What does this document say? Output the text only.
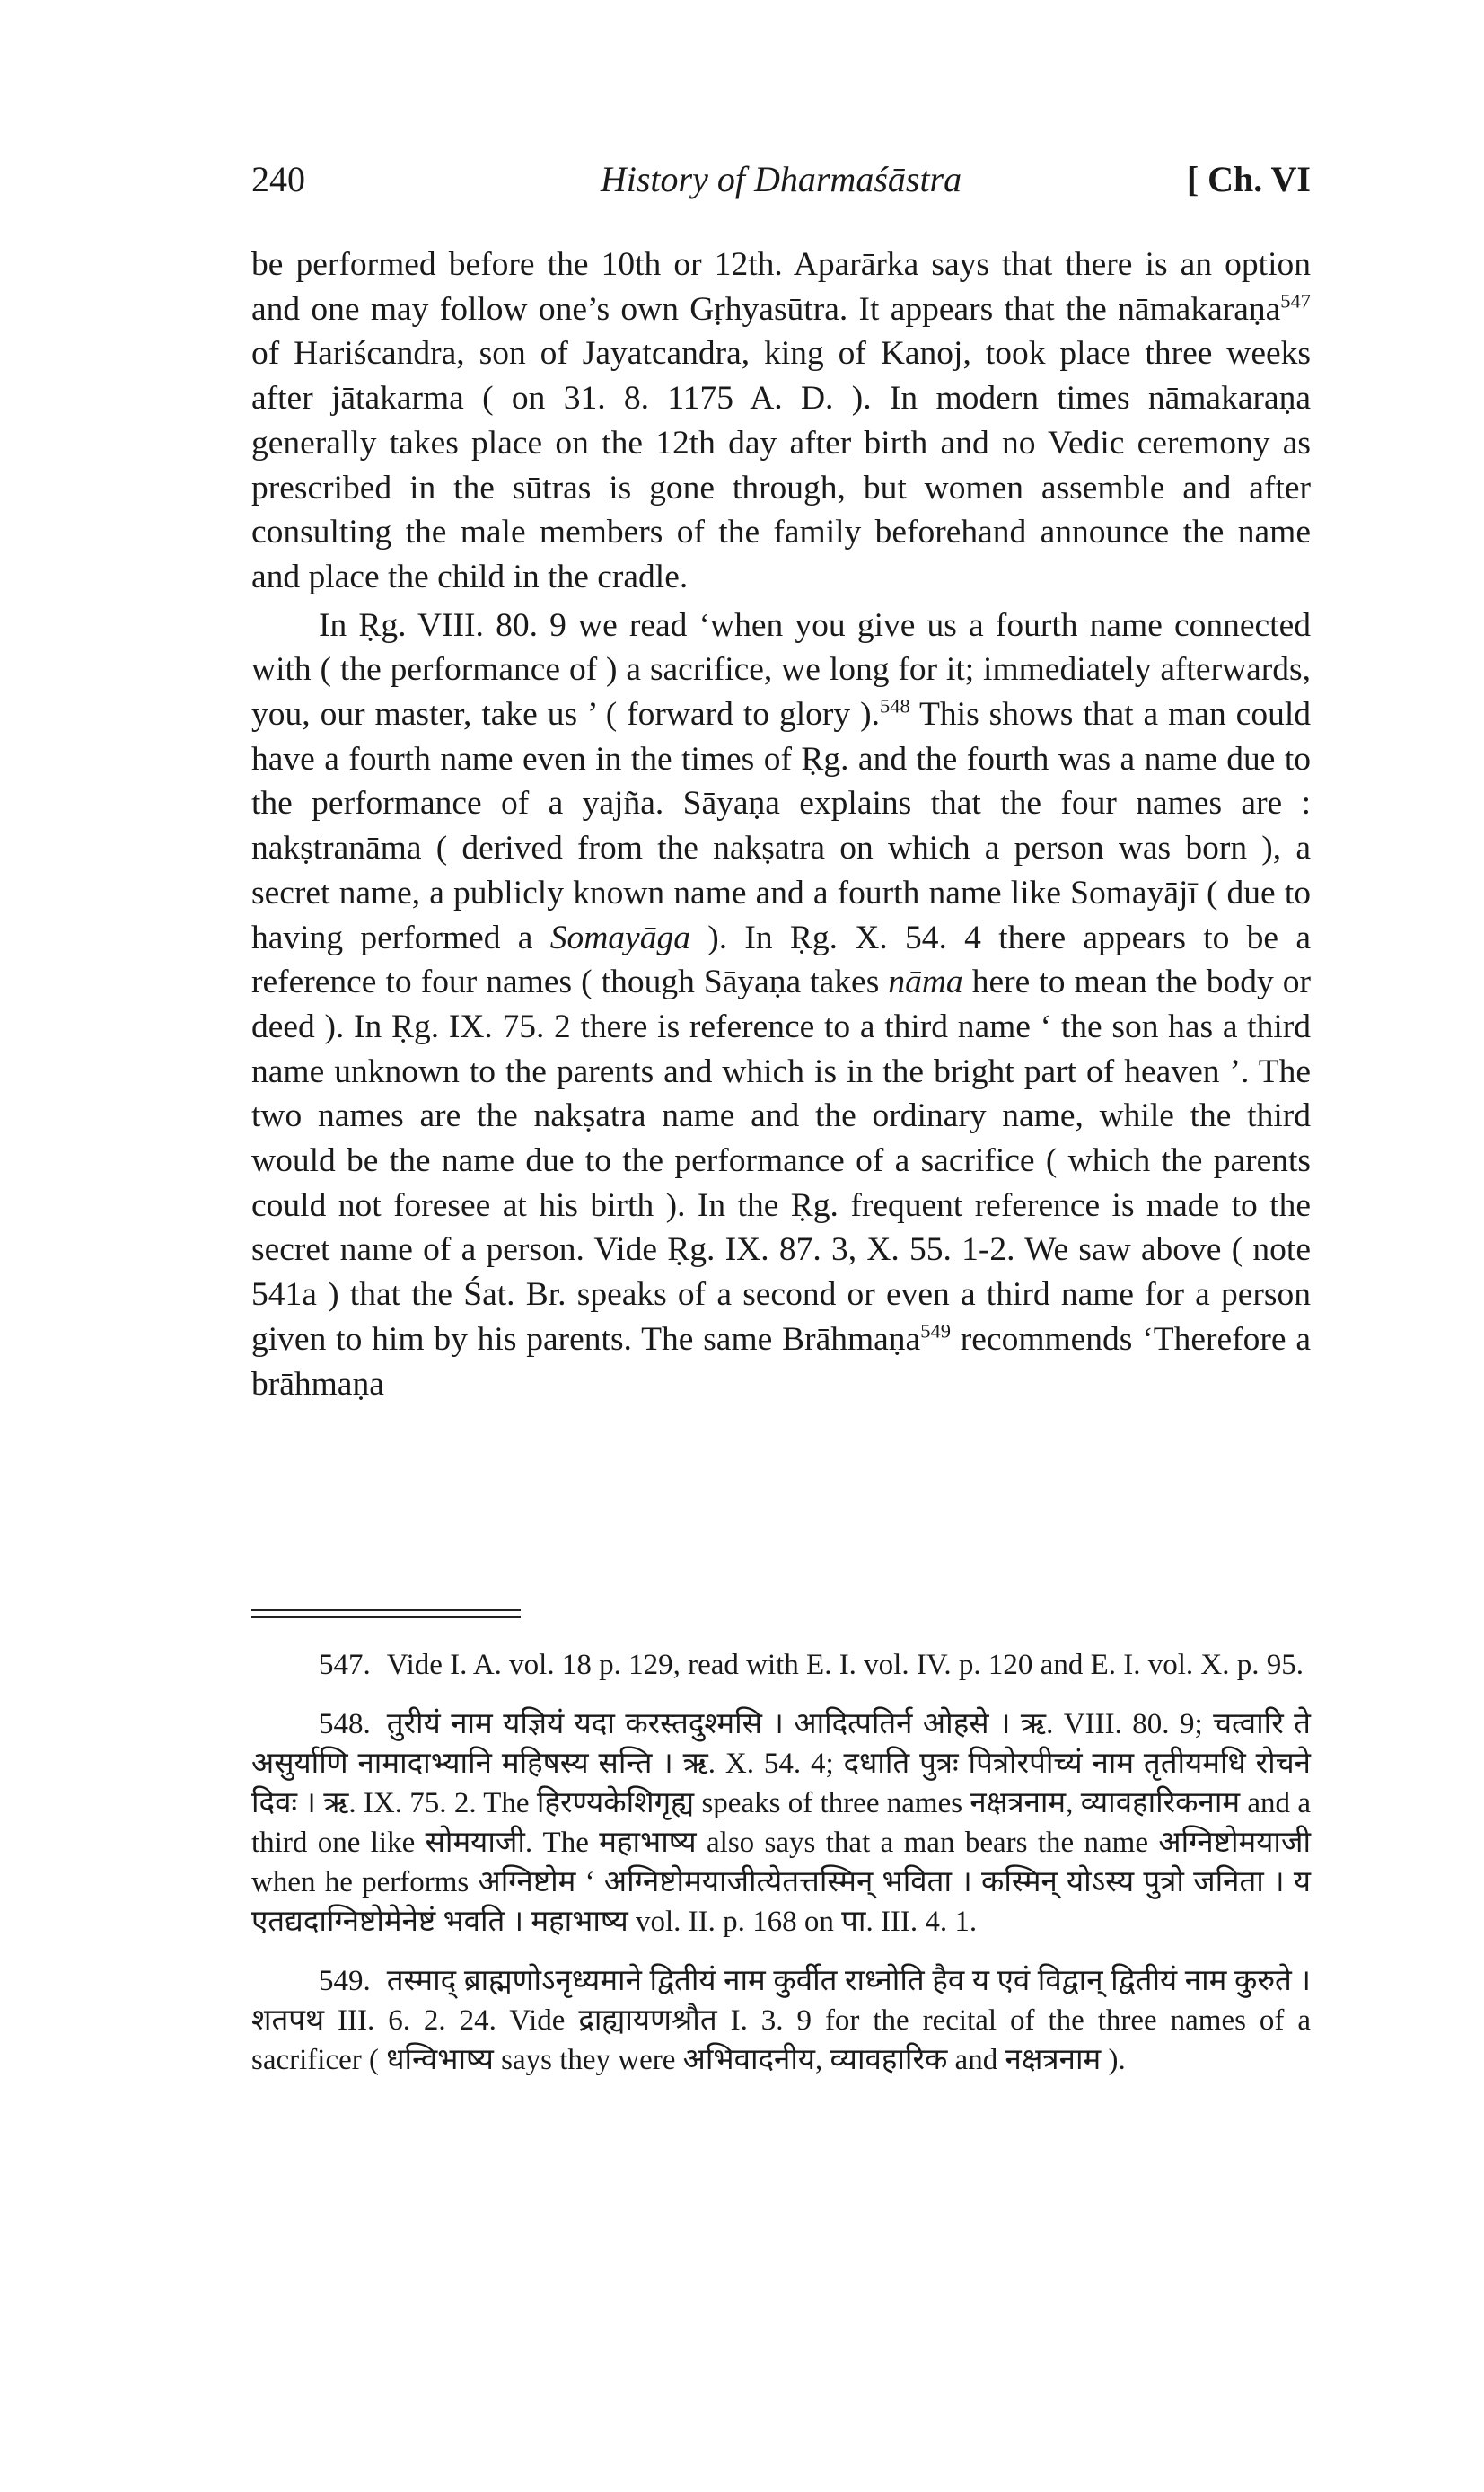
240	History of Dharmaśāstra	[ Ch. VI

be performed before the 10th or 12th. Aparārka says that there is an option and one may follow one’s own Gṛhyasūtra. It appears that the nāmakaraṇa$^{547}$ of Hariścandra, son of Jayatcandra, king of Kanoj, took place three weeks after jātakarma ( on 31. 8. 1175 A. D. ). In modern times nāmakaraṇa generally takes place on the 12th day after birth and no Vedic ceremony as prescribed in the sūtras is gone through, but women assemble and after consulting the male members of the family beforehand announce the name and place the child in the cradle.

In Ṛg. VIII. 80. 9 we read ‘when you give us a fourth name connected with ( the performance of ) a sacrifice, we long for it; immediately afterwards, you, our master, take us ’ ( forward to glory ).$^{548}$ This shows that a man could have a fourth name even in the times of Ṛg. and the fourth was a name due to the performance of a yajña. Sāyaṇa explains that the four names are : nakṣtranāma ( derived from the nakṣatra on which a person was born ), a secret name, a publicly known name and a fourth name like Somayājī ( due to having performed a Somayāga ). In Ṛg. X. 54. 4 there appears to be a reference to four names ( though Sāyaṇa takes nāma here to mean the body or deed ). In Ṛg. IX. 75. 2 there is reference to a third name ‘ the son has a third name unknown to the parents and which is in the bright part of heaven ’. The two names are the nakṣatra name and the ordinary name, while the third would be the name due to the performance of a sacrifice ( which the parents could not foresee at his birth ). In the Ṛg. frequent reference is made to the secret name of a person. Vide Ṛg. IX. 87. 3, X. 55. 1-2. We saw above ( note 541a ) that the Śat. Br. speaks of a second or even a third name for a person given to him by his parents. The same Brāhmaṇa$^{549}$ recommends ‘Therefore a brāhmaṇa

547. Vide I. A. vol. 18 p. 129, read with E. I. vol. IV. p. 120 and E. I. vol. X. p. 95.

548. तुरीयं नाम यज्ञियं यदा करस्तदुश्मसि । आदित्पतिर्न ओहसे । ऋ. VIII. 80. 9; चत्वारि ते असुर्याणि नामादाभ्यानि महिषस्य सन्ति । ऋ. X. 54. 4; दधाति पुत्रः पित्रोरपीच्यं नाम तृतीयमधि रोचने दिवः । ऋ. IX. 75. 2. The हिरण्यकेशिगृह्य speaks of three names नक्षत्रनाम, व्यावहारिकनाम and a third one like सोमयाजी. The महाभाष्य also says that a man bears the name अग्निष्टोमयाजी when he performs अग्निष्टोम ‘ अग्निष्टोमयाजीत्येतत्तस्मिन् भविता । कस्मिन् योऽस्य पुत्रो जनिता । य एतद्यदाग्निष्टोमेनेष्टं भवति । महाभाष्य vol. II. p. 168 on पा. III. 4. 1.

549. तस्माद् ब्राह्मणोऽनृध्यमाने द्वितीयं नाम कुर्वीत राध्नोति हैव य एवं विद्वान् द्वितीयं नाम कुरुते । शतपथ III. 6. 2. 24. Vide द्राह्यायणश्रौत I. 3. 9 for the recital of the three names of a sacrificer ( धन्विभाष्य says they were अभिवादनीय, व्यावहारिक and नक्षत्रनाम ).
